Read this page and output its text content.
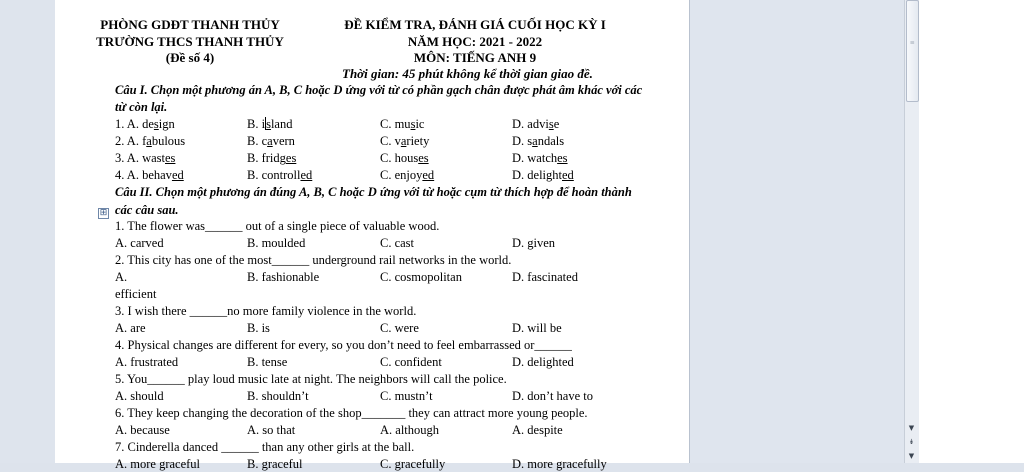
≡
▼
↡
▼
PHÒNG GDĐT THANH THỦY
TRƯỜNG THCS THANH THỦY
(Đề số 4)
ĐỀ KIỂM TRA, ĐÁNH GIÁ CUỐI HỌC KỲ I
NĂM HỌC: 2021 - 2022
MÔN: TIẾNG ANH 9
Thời gian: 45 phút không kể thời gian giao đề.
Câu I. Chọn một phương án A, B, C hoặc D ứng với từ có phần gạch chân được phát âm khác với các
từ còn lại.
1. A. design	B. island	C. music	D. advise
2. A. fabulous	B. cavern	C. variety	D. sandals
3. A. wastes	B. fridges	C. houses	D. watches
4. A. behaved	B. controlled	C. enjoyed	D. delighted
Câu II. Chọn một phương án đúng A, B, C hoặc D ứng với từ hoặc cụm từ thích hợp để hoàn thành
các câu sau.
1. The flower was______ out of a single piece of valuable wood.
A. carved	B. moulded	C. cast	D. given
2. This city has one of the most______ underground rail networks in the world.
A.	B. fashionable	C. cosmopolitan	D. fascinated
efficient
3. I wish there ______no more family violence in the world.
A. are	B. is	C. were	D. will be
4. Physical changes are different for every, so you don’t need to feel embarrassed or______
A. frustrated	B. tense	C. confident	D. delighted
5. You______ play loud music late at night. The neighbors will call the police.
A. should	B. shouldn’t	C. mustn’t	D. don’t have to
6. They keep changing the decoration of the shop_______ they can attract more young people.
A. because	A. so that	A. although	A. despite
7. Cinderella danced ______ than any other girls at the ball.
A. more graceful	B. graceful	C. gracefully	D. more gracefully
⊞
